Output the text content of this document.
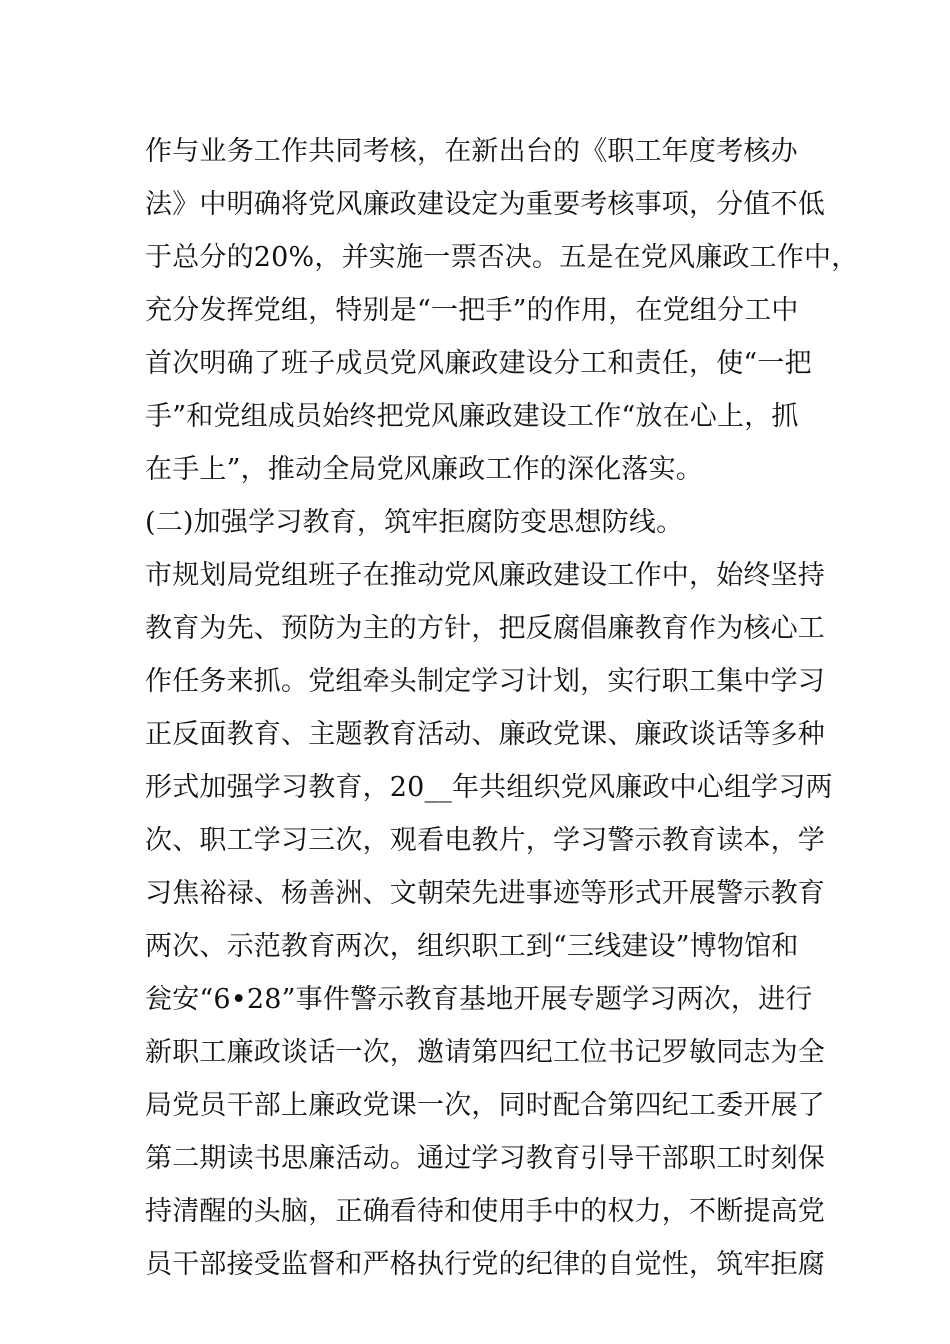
作与业务工作共同考核，在新出台的《职工年度考核办
法》中明确将党风廉政建设定为重要考核事项，分值不低
于总分的20%，并实施一票否决。五是在党风廉政工作中，
充分发挥党组，特别是“一把手”的作用，在党组分工中
首次明确了班子成员党风廉政建设分工和责任，使“一把
手”和党组成员始终把党风廉政建设工作“放在心上，抓
在手上”，推动全局党风廉政工作的深化落实。
(二)加强学习教育，筑牢拒腐防变思想防线。
市规划局党组班子在推动党风廉政建设工作中，始终坚持
教育为先、预防为主的方针，把反腐倡廉教育作为核心工
作任务来抓。党组牵头制定学习计划，实行职工集中学习
正反面教育、主题教育活动、廉政党课、廉政谈话等多种
形式加强学习教育，20__年共组织党风廉政中心组学习两
次、职工学习三次，观看电教片，学习警示教育读本，学
习焦裕禄、杨善洲、文朝荣先进事迹等形式开展警示教育
两次、示范教育两次，组织职工到“三线建设”博物馆和
瓮安“6•28”事件警示教育基地开展专题学习两次，进行
新职工廉政谈话一次，邀请第四纪工位书记罗敏同志为全
局党员干部上廉政党课一次，同时配合第四纪工委开展了
第二期读书思廉活动。通过学习教育引导干部职工时刻保
持清醒的头脑，正确看待和使用手中的权力，不断提高党
员干部接受监督和严格执行党的纪律的自觉性，筑牢拒腐
